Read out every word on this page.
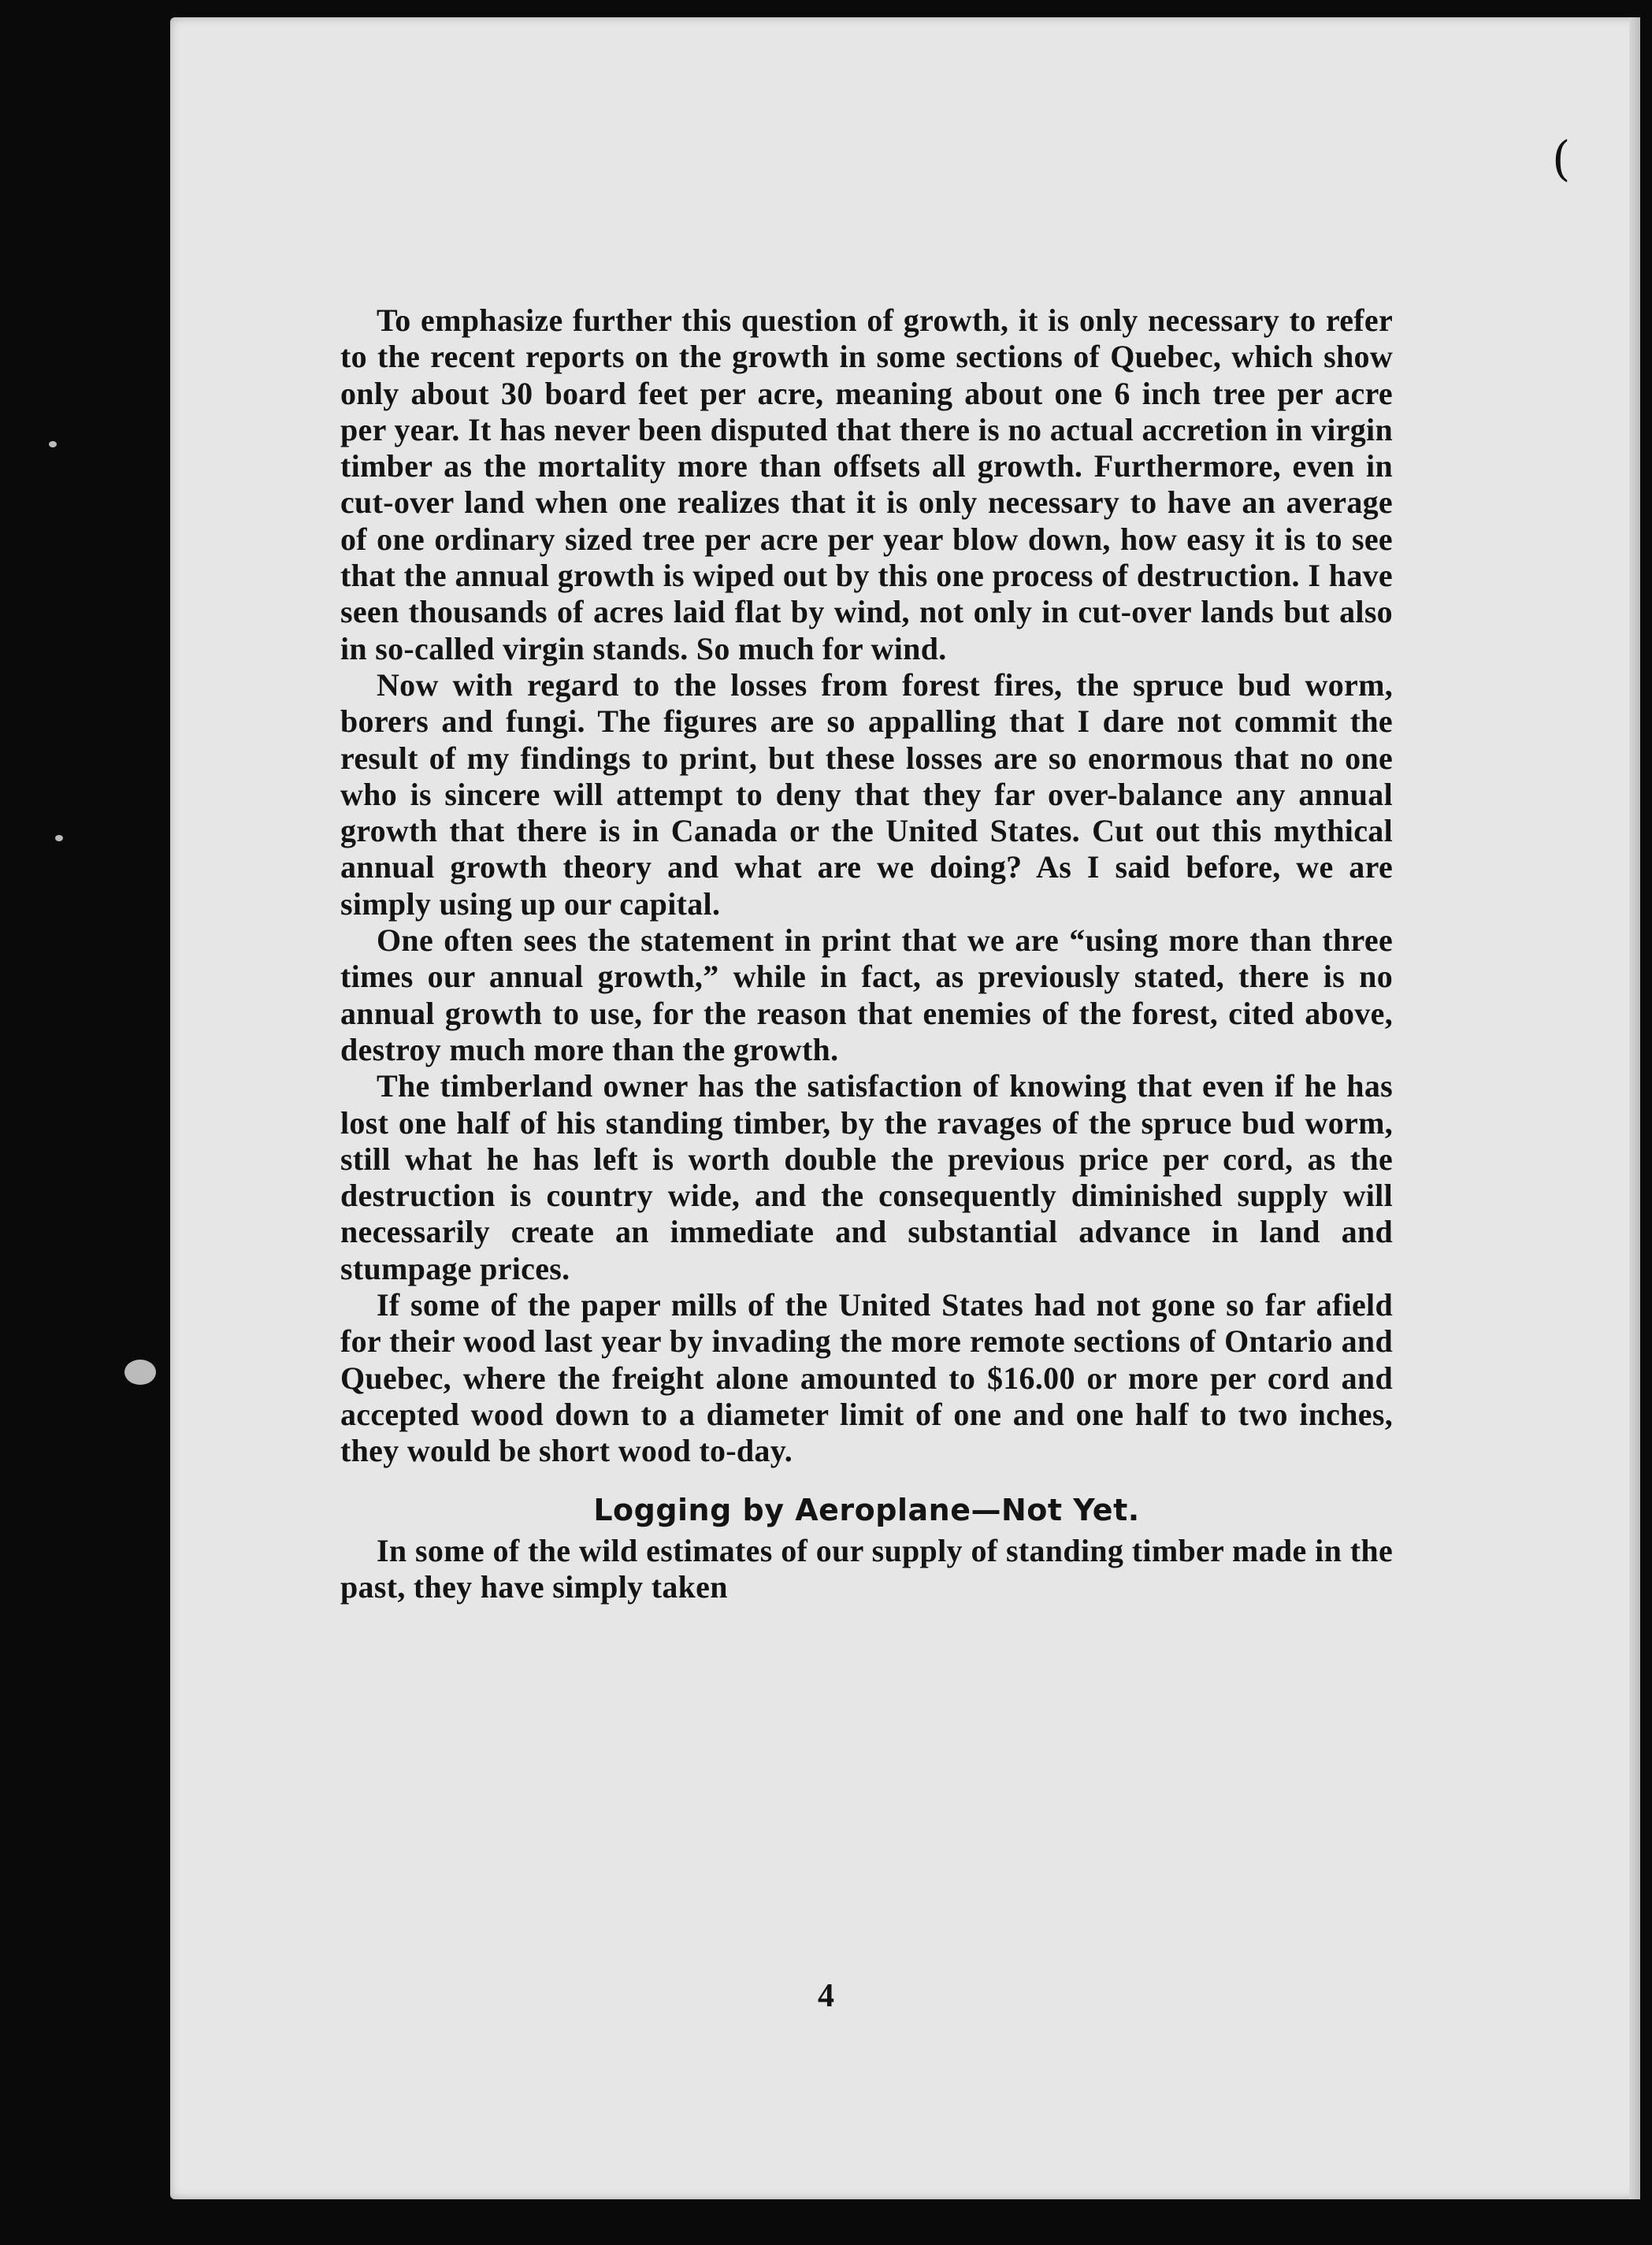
(

To emphasize further this question of growth, it is only necessary to refer to the recent reports on the growth in some sections of Quebec, which show only about 30 board feet per acre, meaning about one 6 inch tree per acre per year. It has never been disputed that there is no actual accretion in virgin timber as the mortality more than offsets all growth. Furthermore, even in cut-over land when one realizes that it is only necessary to have an average of one ordinary sized tree per acre per year blow down, how easy it is to see that the annual growth is wiped out by this one process of destruction. I have seen thousands of acres laid flat by wind, not only in cut-over lands but also in so-called virgin stands. So much for wind.

Now with regard to the losses from forest fires, the spruce bud worm, borers and fungi. The figures are so appalling that I dare not commit the result of my findings to print, but these losses are so enormous that no one who is sincere will attempt to deny that they far over-balance any annual growth that there is in Canada or the United States. Cut out this mythical annual growth theory and what are we doing? As I said before, we are simply using up our capital.

One often sees the statement in print that we are “using more than three times our annual growth,” while in fact, as previously stated, there is no annual growth to use, for the reason that enemies of the forest, cited above, destroy much more than the growth.

The timberland owner has the satisfaction of knowing that even if he has lost one half of his standing timber, by the ravages of the spruce bud worm, still what he has left is worth double the previous price per cord, as the destruction is country wide, and the consequently diminished supply will necessarily create an immediate and substantial advance in land and stumpage prices.

If some of the paper mills of the United States had not gone so far afield for their wood last year by invading the more remote sections of Ontario and Quebec, where the freight alone amounted to $16.00 or more per cord and accepted wood down to a diameter limit of one and one half to two inches, they would be short wood to-day.

Logging by Aeroplane—Not Yet.

In some of the wild estimates of our supply of standing timber made in the past, they have simply taken

4
